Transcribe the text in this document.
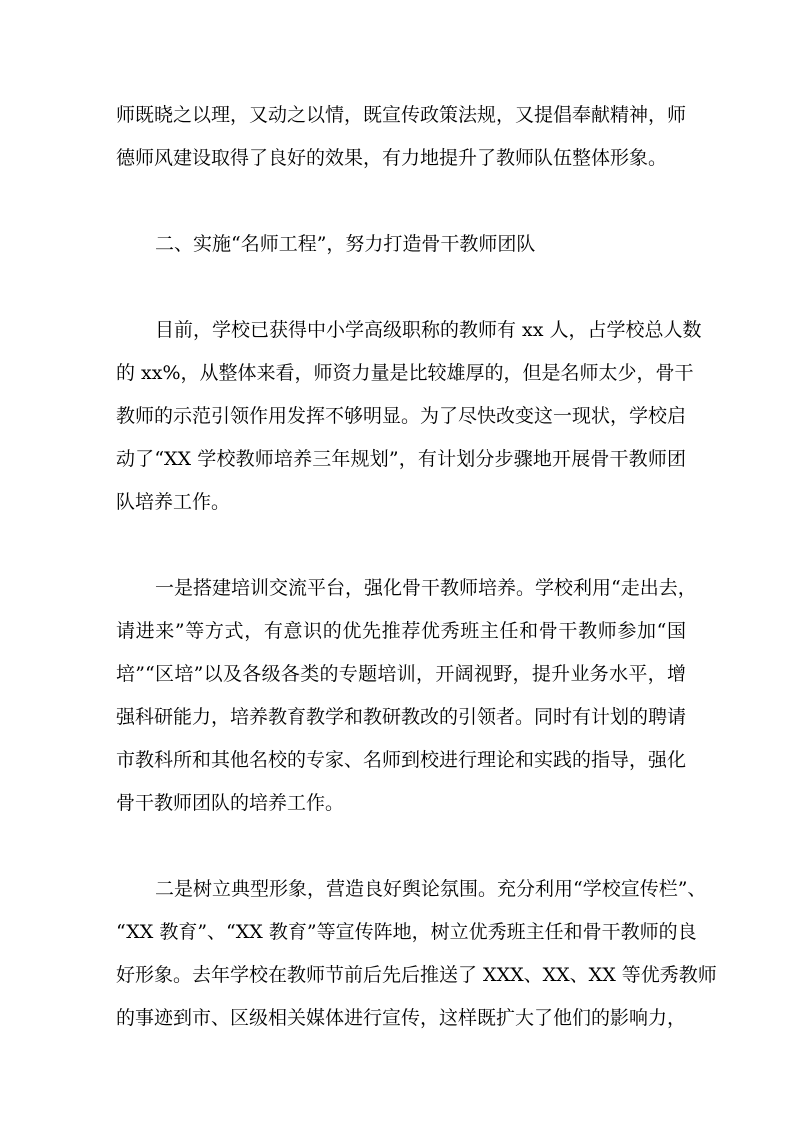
师既晓之以理，又动之以情，既宣传政策法规，又提倡奉献精神，师
德师风建设取得了良好的效果，有力地提升了教师队伍整体形象。
二、实施“名师工程”，努力打造骨干教师团队
目前，学校已获得中小学高级职称的教师有 xx 人，占学校总人数
的 xx%，从整体来看，师资力量是比较雄厚的，但是名师太少，骨干
教师的示范引领作用发挥不够明显。为了尽快改变这一现状，学校启
动了“XX 学校教师培养三年规划”，有计划分步骤地开展骨干教师团
队培养工作。
一是搭建培训交流平台，强化骨干教师培养。学校利用“走出去，
请进来”等方式，有意识的优先推荐优秀班主任和骨干教师参加“国
培”“区培”以及各级各类的专题培训，开阔视野，提升业务水平，增
强科研能力，培养教育教学和教研教改的引领者。同时有计划的聘请
市教科所和其他名校的专家、名师到校进行理论和实践的指导，强化
骨干教师团队的培养工作。
二是树立典型形象，营造良好舆论氛围。充分利用“学校宣传栏”、
“XX 教育”、“XX 教育”等宣传阵地，树立优秀班主任和骨干教师的良
好形象。去年学校在教师节前后先后推送了 XXX、XX、XX 等优秀教师
的事迹到市、区级相关媒体进行宣传，这样既扩大了他们的影响力，
